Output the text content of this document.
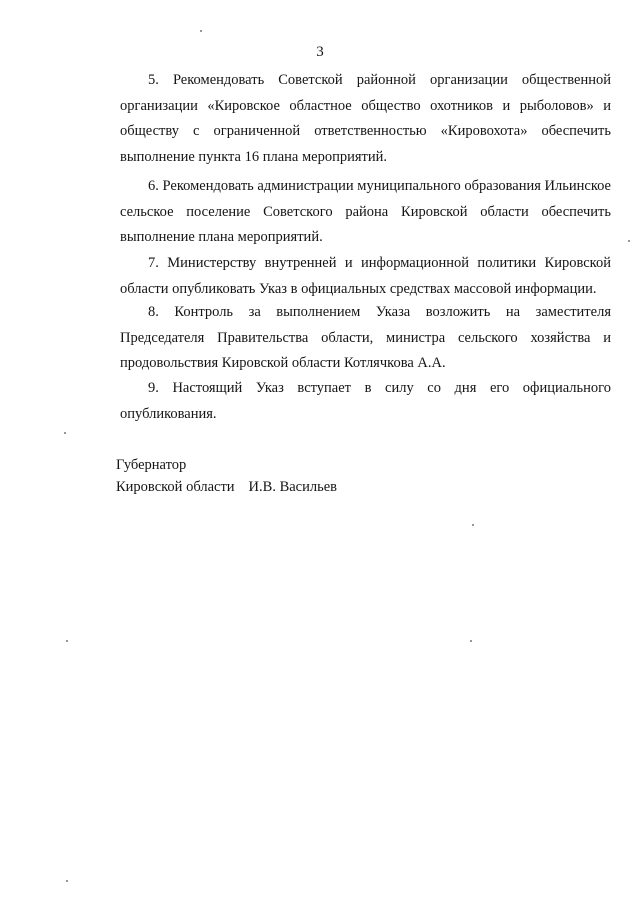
3

5. Рекомендовать Советской районной организации общественной организации «Кировское областное общество охотников и рыболовов» и обществу с ограниченной ответственностью «Кировохота» обеспечить выполнение пункта 16 плана мероприятий.

6. Рекомендовать администрации муниципального образования Ильинское сельское поселение Советского района Кировской области обеспечить выполнение плана мероприятий.

7. Министерству внутренней и информационной политики Кировской области опубликовать Указ в официальных средствах массовой информации.

8. Контроль за выполнением Указа возложить на заместителя Председателя Правительства области, министра сельского хозяйства и продовольствия Кировской области Котлячкова А.А.

9. Настоящий Указ вступает в силу со дня его официального опубликования.

Губернатор
Кировской области И.В. Васильев
